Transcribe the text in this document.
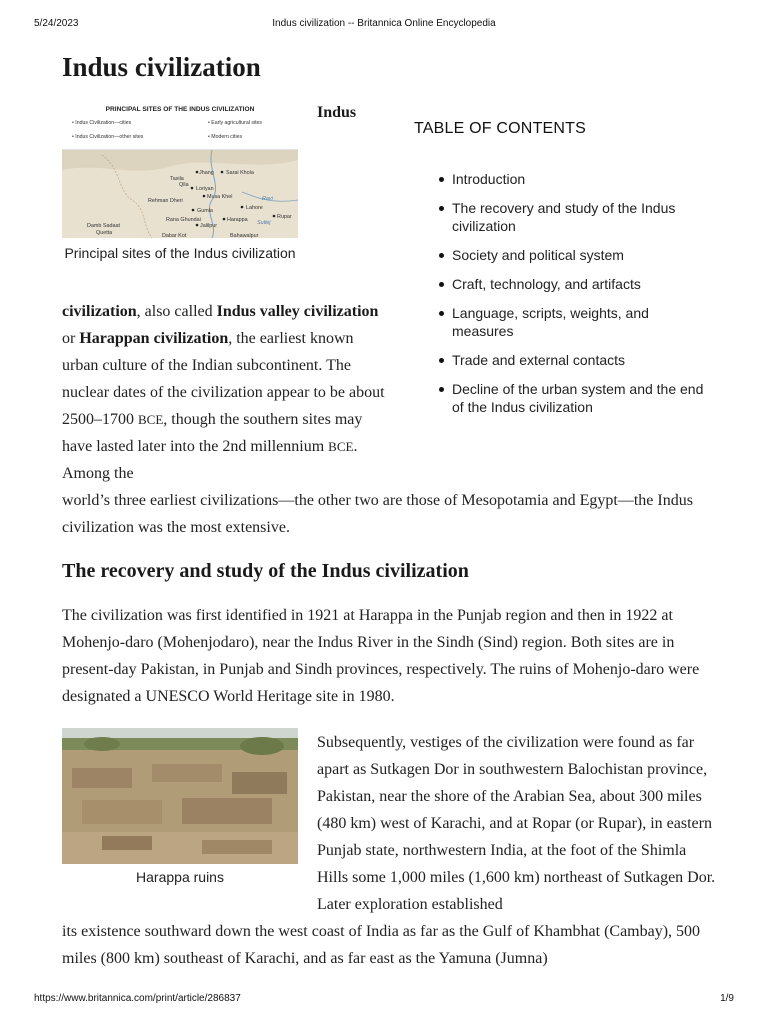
5/24/2023	Indus civilization -- Britannica Online Encyclopedia
Indus civilization
PRINCIPAL SITES OF THE INDUS CIVILIZATION
• Indus Civilization—cities	• Early agricultural sites
• Indus Civilization—other sites	• Modern cities
Jhang Sarai Khola
Taxila
Qila
Loriyan
Musa Khel
Rehman Dheri
Gumla
Ravi
Lahore
Rana Ghundai	Harappa Sutlej
Rupar
Damb Sadaat
Quetta
Jalilpur
Dabar Kot	Bahawalpur
Principal sites of the Indus civilization
Indus
TABLE OF CONTENTS
Introduction
The recovery and study of the Indus civilization
Society and political system
Craft, technology, and artifacts
Language, scripts, weights, and measures
Trade and external contacts
Decline of the urban system and the end of the Indus civilization

civilization, also called Indus valley civilization or Harappan civilization, the earliest known urban culture of the Indian subcontinent. The nuclear dates of the civilization appear to be about 2500–1700 BCE, though the southern sites may have lasted later into the 2nd millennium BCE. Among the

world’s three earliest civilizations—the other two are those of Mesopotamia and Egypt—the Indus civilization was the most extensive.

The recovery and study of the Indus civilization

The civilization was first identified in 1921 at Harappa in the Punjab region and then in 1922 at Mohenjo-daro (Mohenjodaro), near the Indus River in the Sindh (Sind) region. Both sites are in present-day Pakistan, in Punjab and Sindh provinces, respectively. The ruins of Mohenjo-daro were designated a UNESCO World Heritage site in 1980.

Harappa ruins

Subsequently, vestiges of the civilization were found as far apart as Sutkagen Dor in southwestern Balochistan province, Pakistan, near the shore of the Arabian Sea, about 300 miles (480 km) west of Karachi, and at Ropar (or Rupar), in eastern Punjab state, northwestern India, at the foot of the Shimla Hills some 1,000 miles (1,600 km) northeast of Sutkagen Dor. Later exploration established

its existence southward down the west coast of India as far as the Gulf of Khambhat (Cambay), 500 miles (800 km) southeast of Karachi, and as far east as the Yamuna (Jumna)

https://www.britannica.com/print/article/286837	1/9
